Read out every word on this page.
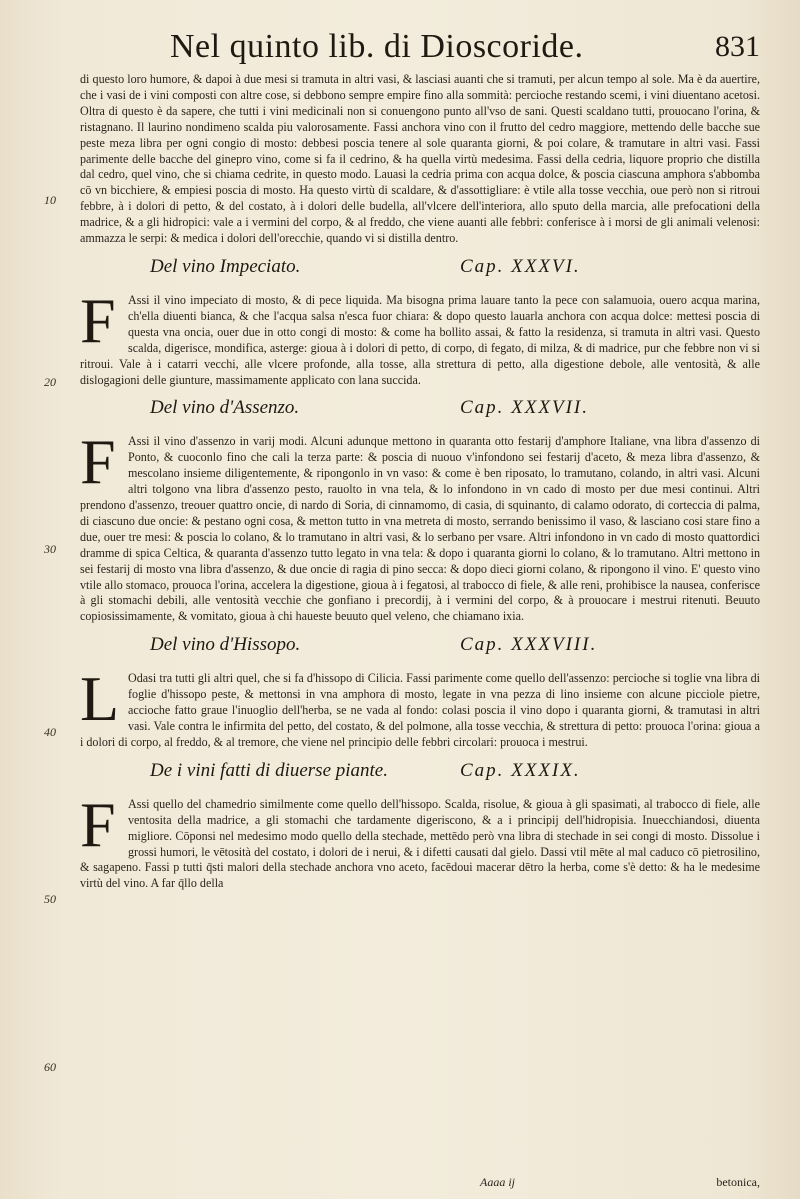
Nel quinto lib. di Dioscoride.	831
10
20
30
40
50
60

di questo loro humore, & dapoi à due mesi si tramuta in altri vasi, & lasciasi auanti che si tramuti, per alcun tempo al sole. Ma è da auertire, che i vasi de i vini composti con altre cose, si debbono sempre empire fino alla sommità: percioche restando scemi, i vini diuentano acetosi. Oltra di questo è da sapere, che tutti i vini medicinali non si conuengono punto all'vso de sani. Questi scaldano tutti, prouocano l'orina, & ristagnano. Il laurino nondimeno scalda piu valorosamente. Fassi anchora vino con il frutto del cedro maggiore, mettendo delle bacche sue peste meza libra per ogni congio di mosto: debbesi poscia tenere al sole quaranta giorni, & poi colare, & tramutare in altri vasi. Fassi parimente delle bacche del ginepro vino, come si fa il cedrino, & ha quella virtù medesima. Fassi della cedria, liquore proprio che distilla dal cedro, quel vino, che si chiama cedrite, in questo modo. Lauasi la cedria prima con acqua dolce, & poscia ciascuna amphora s'abbomba cō vn bicchiere, & empiesi poscia di mosto. Ha questo virtù di scaldare, & d'assottigliare: è vtile alla tosse vecchia, oue però non si ritroui febbre, à i dolori di petto, & del costato, à i dolori delle budella, all'vlcere dell'interiora, allo sputo della marcia, alle prefocationi della madrice, & a gli hidropici: vale a i vermini del corpo, & al freddo, che viene auanti alle febbri: conferisce à i morsi de gli animali velenosi: ammazza le serpi: & medica i dolori dell'orecchie, quando vi si distilla dentro.

Del vino Impeciato.	Cap. XXXVI.
F	Assi il vino impeciato di mosto, & di pece liquida. Ma bisogna prima lauare tanto la pece con salamuoia, ouero acqua marina, ch'ella diuenti bianca, & che l'acqua salsa n'esca fuor chiara: & dopo questo lauarla anchora con acqua dolce: mettesi poscia di questa vna oncia, ouer due in otto congi di mosto: & come ha bollito assai, & fatto la residenza, si tramuta in altri vasi. Questo scalda, digerisce, mondifica, asterge: gioua à i dolori di petto, di corpo, di fegato, di milza, & di madrice, pur che febbre non vi si ritroui. Vale à i catarri vecchi, alle vlcere profonde, alla tosse, alla strettura di petto, alla digestione debole, alle ventosità, & alle dislogagioni delle giunture, massimamente applicato con lana succida.

Del vino d'Assenzo.	Cap. XXXVII.
F	Assi il vino d'assenzo in varij modi. Alcuni adunque mettono in quaranta otto festarij d'amphore Italiane, vna libra d'assenzo di Ponto, & cuoconlo fino che cali la terza parte: & poscia di nuouo v'infondono sei festarij d'aceto, & meza libra d'assenzo, & mescolano insieme diligentemente, & ripongonlo in vn vaso: & come è ben riposato, lo tramutano, colando, in altri vasi. Alcuni altri tolgono vna libra d'assenzo pesto, rauolto in vna tela, & lo infondono in vn cado di mosto per due mesi continui. Altri prendono d'assenzo, treouer quattro oncie, di nardo di Soria, di cinnamomo, di casia, di squinanto, di calamo odorato, di corteccia di palma, di ciascuno due oncie: & pestano ogni cosa, & metton tutto in vna metreta di mosto, serrando benissimo il vaso, & lasciano cosi stare fino a due, ouer tre mesi: & poscia lo colano, & lo tramutano in altri vasi, & lo serbano per vsare. Altri infondono in vn cado di mosto quattordici dramme di spica Celtica, & quaranta d'assenzo tutto legato in vna tela: & dopo i quaranta giorni lo colano, & lo tramutano. Altri mettono in sei festarij di mosto vna libra d'assenzo, & due oncie di ragia di pino secca: & dopo dieci giorni colano, & ripongono il vino. E' questo vino vtile allo stomaco, prouoca l'orina, accelera la digestione, gioua à i fegatosi, al trabocco di fiele, & alle reni, prohibisce la nausea, conferisce à gli stomachi debili, alle ventosità vecchie che gonfiano i precordij, à i vermini del corpo, & à prouocare i mestrui ritenuti. Beuuto copiosissimamente, & vomitato, gioua à chi haueste beuuto quel veleno, che chiamano ixia.

Del vino d'Hissopo.	Cap. XXXVIII.
L Odasi tra tutti gli altri quel, che si fa d'hissopo di Cilicia. Fassi parimente come quello dell'assenzo: percioche si toglie vna libra di foglie d'hissopo peste, & mettonsi in vna amphora di mosto, legate in vna pezza di lino insieme con alcune picciole pietre, accioche fatto graue l'inuoglio dell'herba, se ne vada al fondo: colasi poscia il vino dopo i quaranta giorni, & tramutasi in altri vasi. Vale contra le infirmita del petto, del costato, & del polmone, alla tosse vecchia, & strettura di petto: prouoca l'orina: gioua a i dolori di corpo, al freddo, & al tremore, che viene nel principio delle febbri circolari: prouoca i mestrui.

De i vini fatti di diuerse piante.	Cap. XXXIX.
F	Assi quello del chamedrio similmente come quello dell'hissopo. Scalda, risolue, & gioua à gli spasimati, al trabocco di fiele, alle ventosita della madrice, a gli stomachi che tardamente digeriscono, & a i principij dell'hidropisia. Inuecchiandosi, diuenta migliore. Cōponsi nel medesimo modo quello della stechade, mettēdo però vna libra di stechade in sei congi di mosto. Dissolue i grossi humori, le vētosità del costato, i dolori de i nerui, & i difetti causati dal gielo. Dassi vtil mēte al mal caduco cō pietrosilino, & sagapeno. Fassi p tutti q̄sti malori della stechade anchora vno aceto, facēdoui macerar dētro la herba, come s'è detto: & ha le medesime virtù del vino. A far q̄llo della

Aaaa ij	betonica,
